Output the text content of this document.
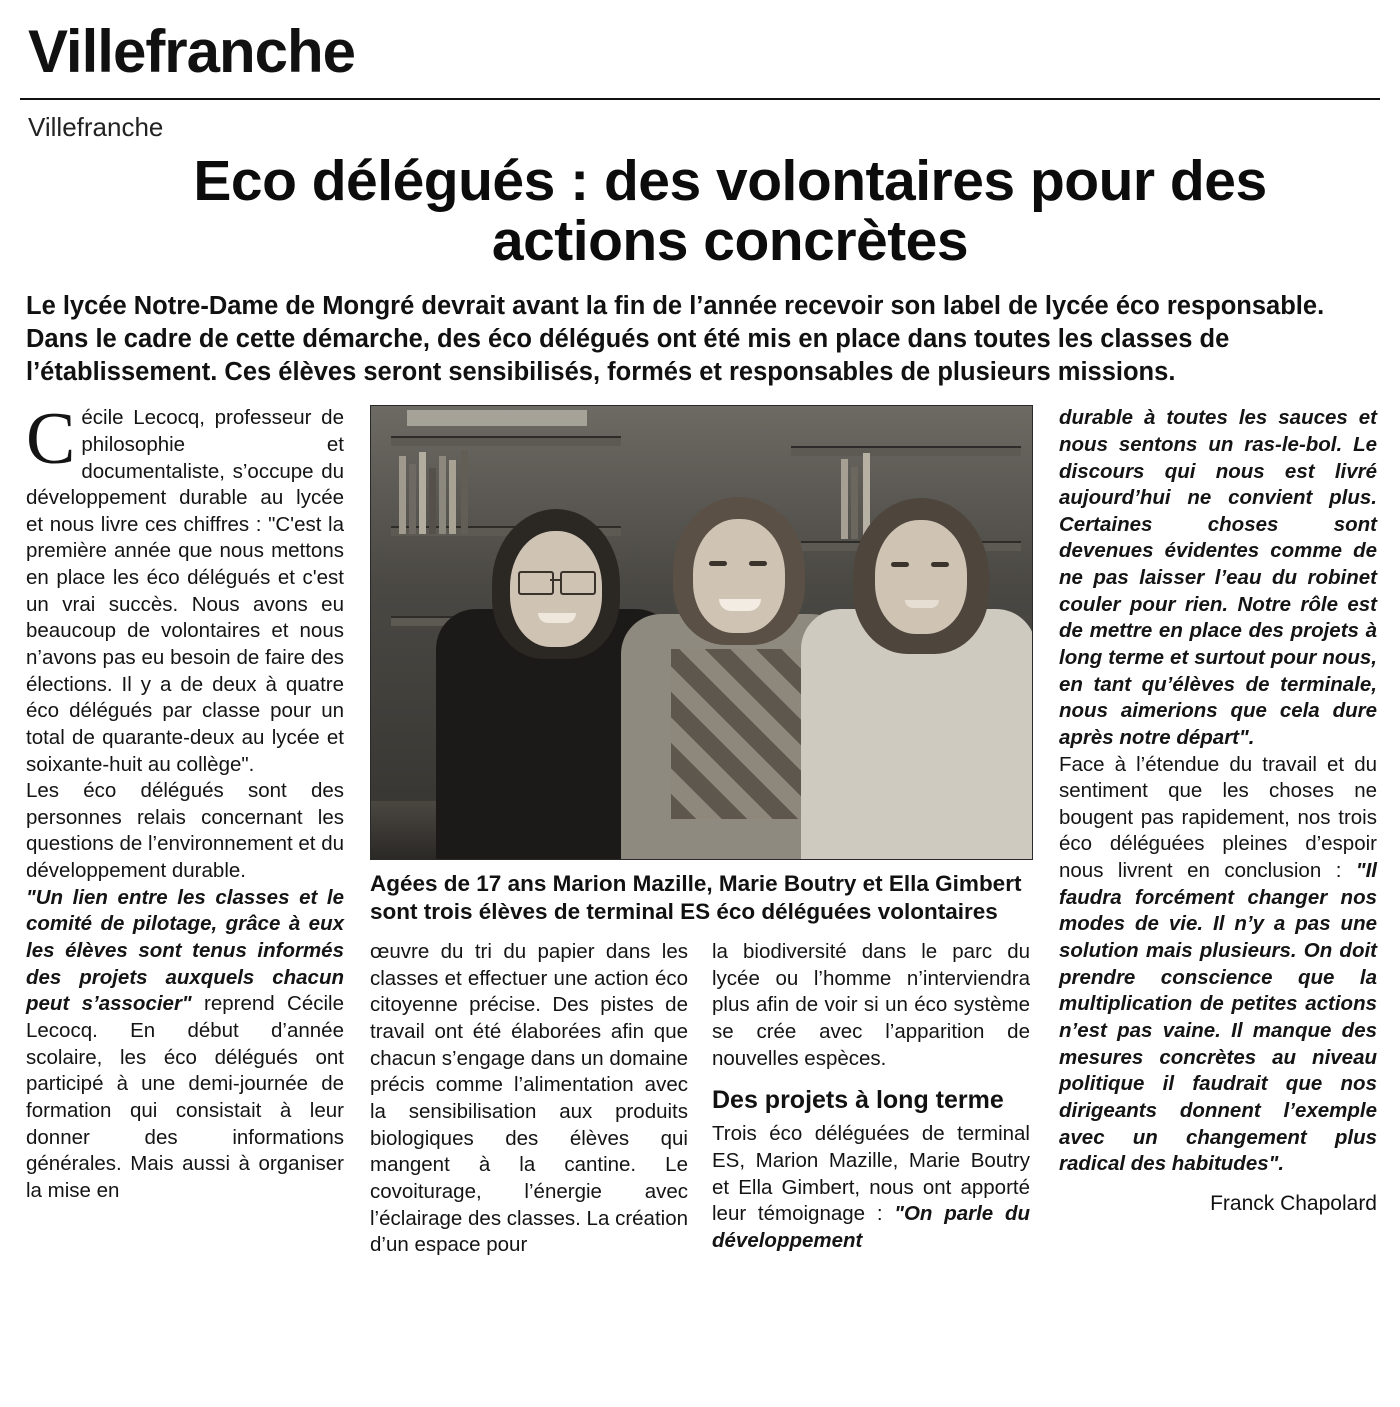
Villefranche
Villefranche
Eco délégués : des volontaires pour des actions concrètes

Le lycée Notre-Dame de Mongré devrait avant la fin de l’année recevoir son label de lycée éco responsable. Dans le cadre de cette démarche, des éco délégués ont été mis en place dans toutes les classes de l’établissement. Ces élèves seront sensibilisés, formés et responsables de plusieurs missions.

Cécile Lecocq, professeur de philosophie et documentaliste, s’occupe du développement durable au lycée et nous livre ces chiffres : "C'est la première année que nous mettons en place les éco délégués et c'est un vrai succès. Nous avons eu beaucoup de volontaires et nous n’avons pas eu besoin de faire des élections. Il y a de deux à quatre éco délégués par classe pour un total de quarante-deux au lycée et soixante-huit au collège".

Les éco délégués sont des personnes relais concernant les questions de l’environnement et du développement durable.

"Un lien entre les classes et le comité de pilotage, grâce à eux les élèves sont tenus informés des projets auxquels chacun peut s’associer" reprend Cécile Lecocq. En début d’année scolaire, les éco délégués ont participé à une demi-journée de formation qui consistait à leur donner des informations générales. Mais aussi à organiser la mise en

Agées de 17 ans Marion Mazille, Marie Boutry et Ella Gimbert sont trois élèves de terminal ES éco déléguées volontaires

œuvre du tri du papier dans les classes et effectuer une action éco citoyenne précise. Des pistes de travail ont été élaborées afin que chacun s’engage dans un domaine précis comme l’alimentation avec la sensibilisation aux produits biologiques des élèves qui mangent à la cantine. Le covoiturage, l’énergie avec l’éclairage des classes. La création d’un espace pour

la biodiversité dans le parc du lycée ou l’homme n’interviendra plus afin de voir si un éco système se crée avec l’apparition de nouvelles espèces.

Des projets à long terme

Trois éco déléguées de terminal ES, Marion Mazille, Marie Boutry et Ella Gimbert, nous ont apporté leur témoignage : "On parle du développement

durable à toutes les sauces et nous sentons un ras-le-bol. Le discours qui nous est livré aujourd’hui ne convient plus. Certaines choses sont devenues évidentes comme de ne pas laisser l’eau du robinet couler pour rien. Notre rôle est de mettre en place des projets à long terme et surtout pour nous, en tant qu’élèves de terminale, nous aimerions que cela dure après notre départ".

Face à l’étendue du travail et du sentiment que les choses ne bougent pas rapidement, nos trois éco déléguées pleines d’espoir nous livrent en conclusion : "Il faudra forcément changer nos modes de vie. Il n’y a pas une solution mais plusieurs. On doit prendre conscience que la multiplication de petites actions n’est pas vaine. Il manque des mesures concrètes au niveau politique il faudrait que nos dirigeants donnent l’exemple avec un changement plus radical des habitudes".

Franck Chapolard
